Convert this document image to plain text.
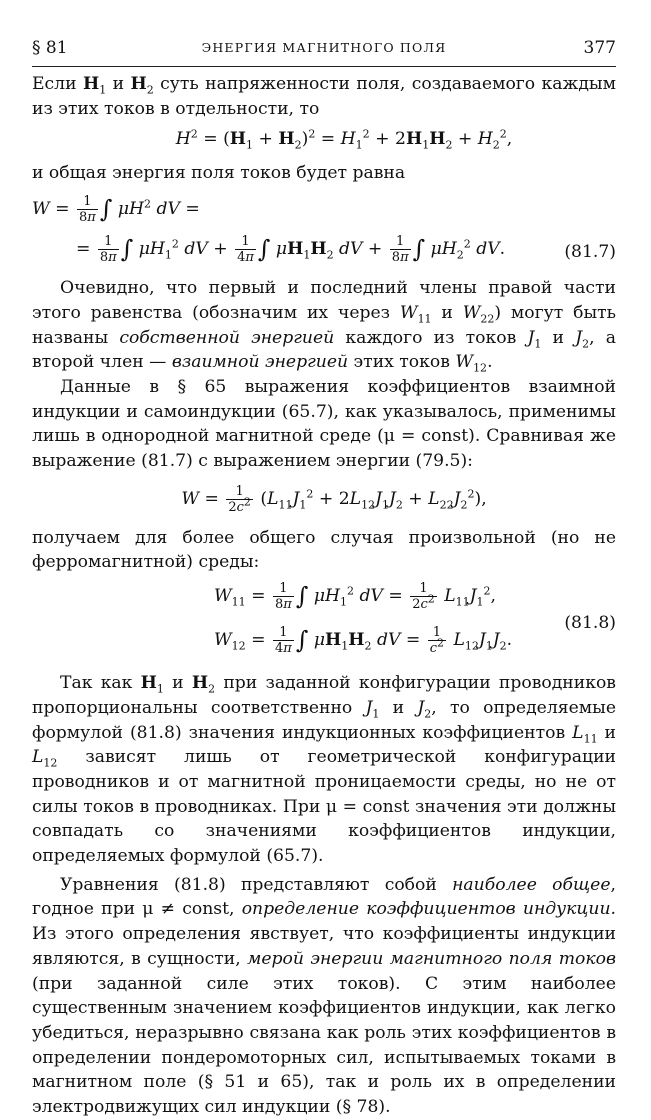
§ 81	ЭНЕРГИЯ МАГНИТНОГО ПОЛЯ	377

Если $H_1$ и $H_2$ суть напряженности поля, создаваемого каждым из этих токов в отдельности, то

$H^2 = (H_1 + H_2)^2 = H_1^2 + 2H_1H_2 + H_2^2$,

и общая энергия поля токов будет равна

$W = \frac{1}{8\pi}$ ∫ $\mu H^2$ dV =
= $\frac{1}{8\pi}$ ∫ $\mu H_1^2$ dV + $\frac{1}{4\pi}$ ∫ $\mu H_1H_2$ dV + $\frac{1}{8\pi}$ ∫ $\mu H_2^2$ dV.	(81.7)

Очевидно, что первый и последний члены правой части этого равенства (обозначим их через $W_{11}$ и $W_{22}$) могут быть названы собственной энергией каждого из токов $J_1$ и $J_2$, а второй член — взаимной энергией этих токов $W_{12}$.

Данные в § 65 выражения коэффициентов взаимной индукции и самоиндукции (65.7), как указывалось, применимы лишь в однородной магнитной среде (μ = const). Сравнивая же выражение (81.7) с выражением энергии (79.5):

$W = \frac{1}{2c^2} (L_{11}J_1^2 + 2L_{12}J_1J_2 + L_{22}J_2^2)$,

получаем для более общего случая произвольной (но не ферромагнитной) среды:

$W_{11} = \frac{1}{8\pi}$ ∫ $\mu H_1^2$ dV = $\frac{1}{2c^2} L_{11}J_1^2$,
$W_{12} = \frac{1}{4\pi}$ ∫ $\mu H_1H_2$ dV = $\frac{1}{c^2} L_{12}J_1J_2$.
(81.8)

Так как $H_1$ и $H_2$ при заданной конфигурации проводников пропорциональны соответственно $J_1$ и $J_2$, то определяемые формулой (81.8) значения индукционных коэффициентов $L_{11}$ и $L_{12}$ зависят лишь от геометрической конфигурации проводников и от магнитной проницаемости среды, но не от силы токов в проводниках. При μ = const значения эти должны совпадать со значениями коэффициентов индукции, определяемых формулой (65.7).

Уравнения (81.8) представляют собой наиболее общее, годное при μ ≠ const, определение коэффициентов индукции. Из этого определения явствует, что коэффициенты индукции являются, в сущности, мерой энергии магнитного поля токов (при заданной силе этих токов). С этим наиболее существенным значением коэффициентов индукции, как легко убедиться, неразрывно связана как роль этих коэффициентов в определении пондеромоторных сил, испытываемых токами в магнитном поле (§ 51 и 65), так и роль их в определении электродвижущих сил индукции (§ 78).
